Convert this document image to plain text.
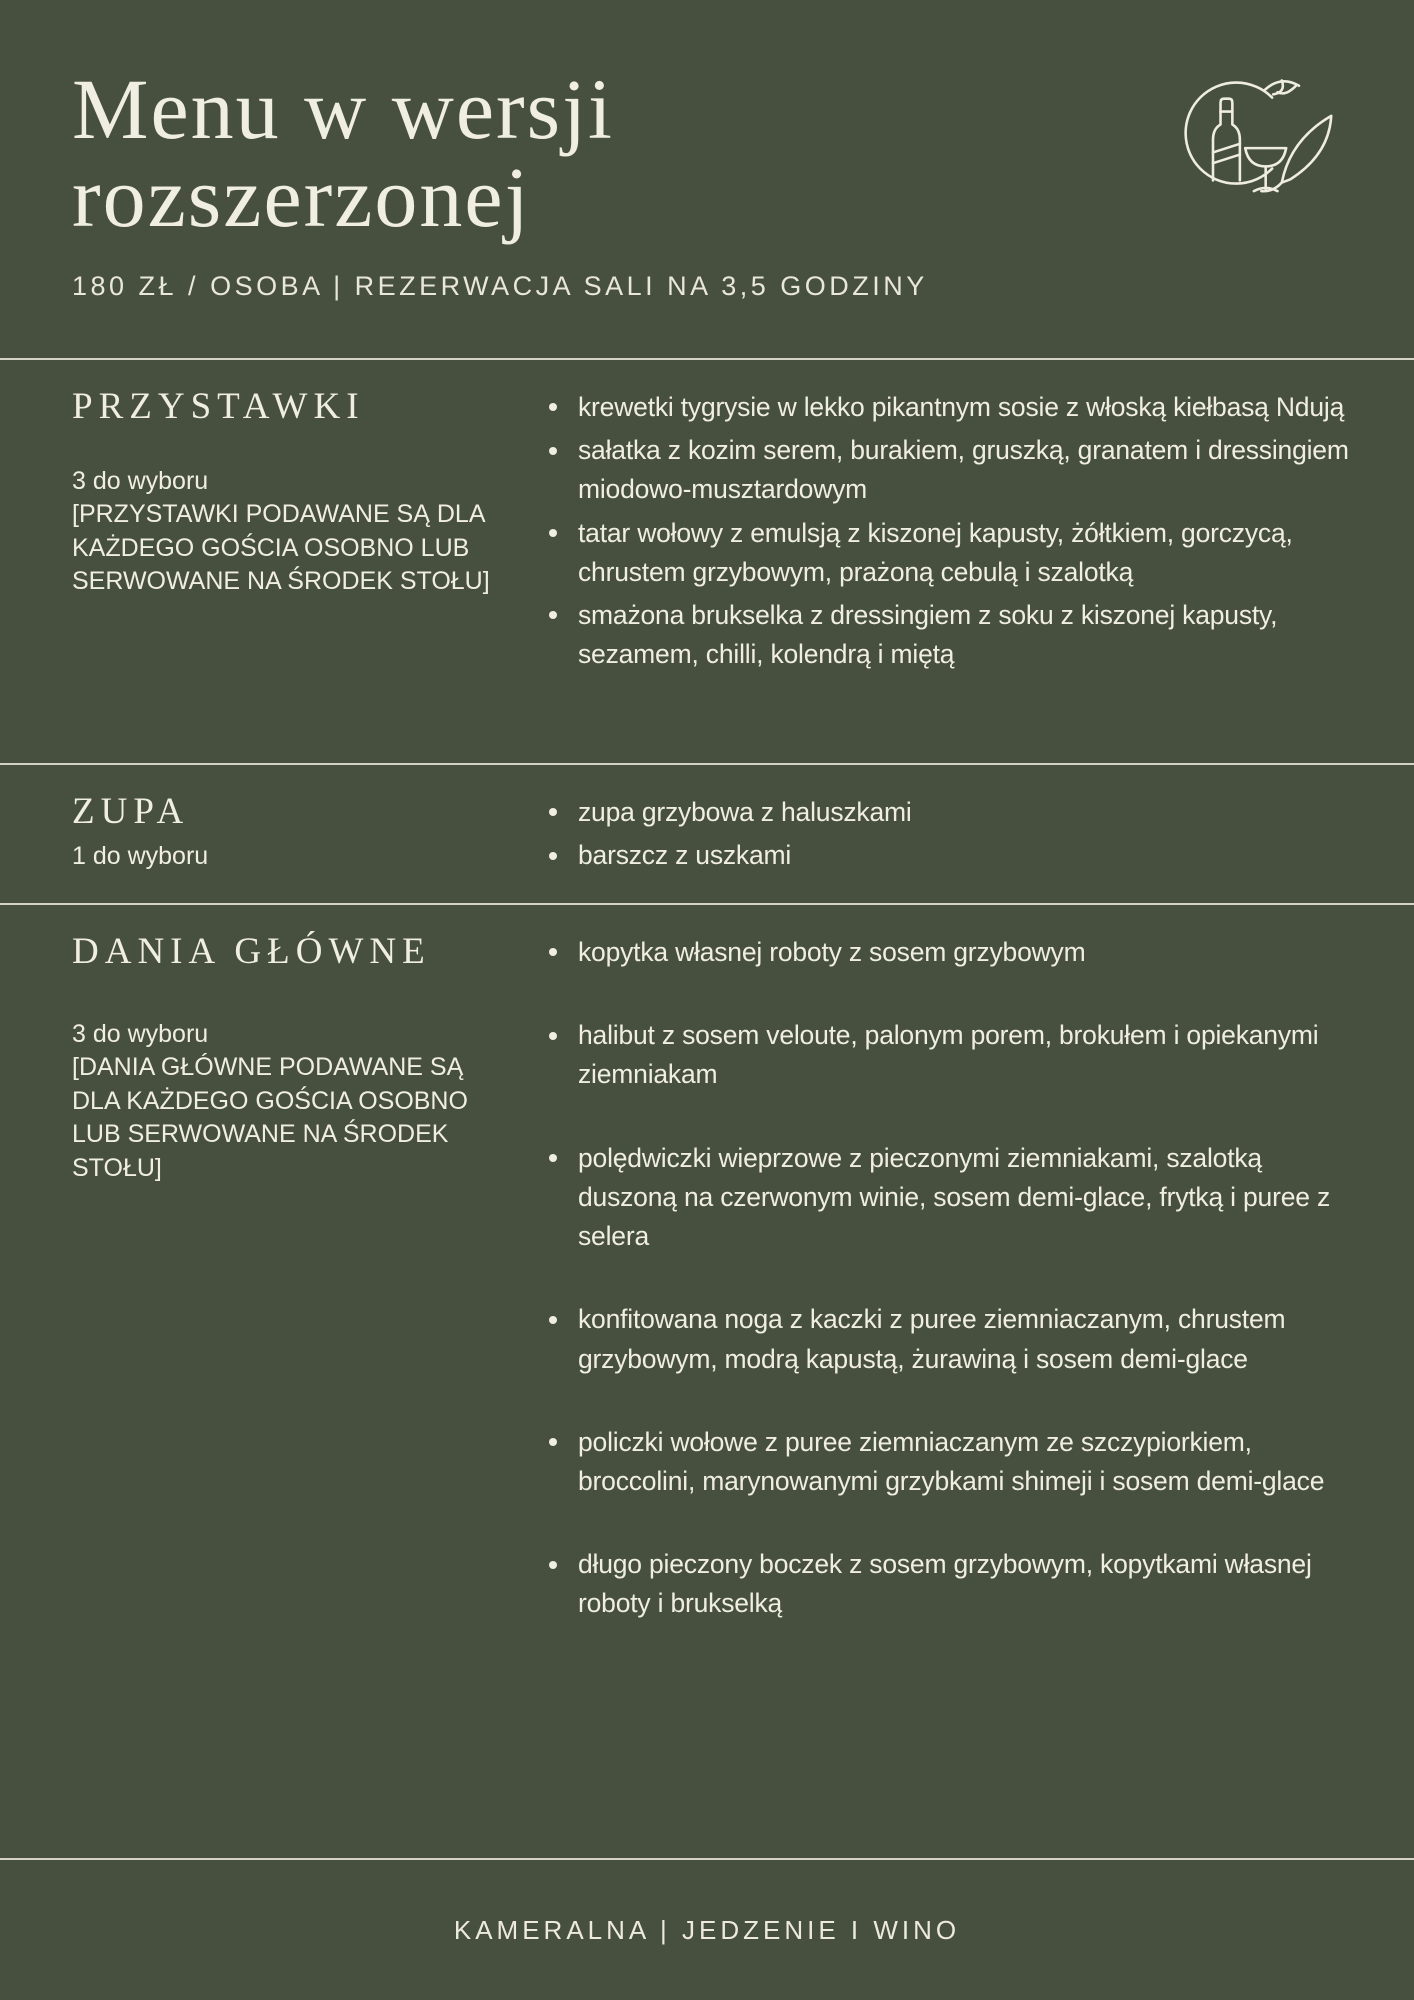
Menu w wersji rozszerzonej
180 ZŁ / OSOBA | REZERWACJA SALI NA 3,5 GODZINY
PRZYSTAWKI
3 do wyboru
[PRZYSTAWKI PODAWANE SĄ DLA KAŻDEGO GOŚCIA OSOBNO LUB SERWOWANE NA ŚRODEK STOŁU]
krewetki tygrysie w lekko pikantnym sosie z włoską kiełbasą Ndują
sałatka z kozim serem, burakiem, gruszką, granatem i dressingiem miodowo-musztardowym
tatar wołowy z emulsją z kiszonej kapusty, żółtkiem, gorczycą, chrustem grzybowym, prażoną cebulą i szalotką
smażona brukselka z dressingiem z soku z kiszonej kapusty, sezamem, chilli, kolendrą i miętą
ZUPA
1 do wyboru
zupa grzybowa z haluszkami
barszcz z uszkami
DANIA GŁÓWNE
3 do wyboru
[DANIA GŁÓWNE PODAWANE SĄ DLA KAŻDEGO GOŚCIA OSOBNO LUB SERWOWANE NA ŚRODEK STOŁU]
kopytka własnej roboty z sosem grzybowym
halibut z sosem veloute, palonym porem, brokułem i opiekanymi ziemniakam
polędwiczki wieprzowe z pieczonymi ziemniakami, szalotką duszoną na czerwonym winie, sosem demi-glace, frytką i puree z selera
konfitowana noga z kaczki z puree ziemniaczanym, chrustem grzybowym, modrą kapustą, żurawiną i sosem demi-glace
policzki wołowe z puree ziemniaczanym ze szczypiorkiem, broccolini, marynowanymi grzybkami shimeji i sosem demi-glace
długo pieczony boczek z sosem grzybowym, kopytkami własnej roboty i brukselką
KAMERALNA | JEDZENIE I WINO
